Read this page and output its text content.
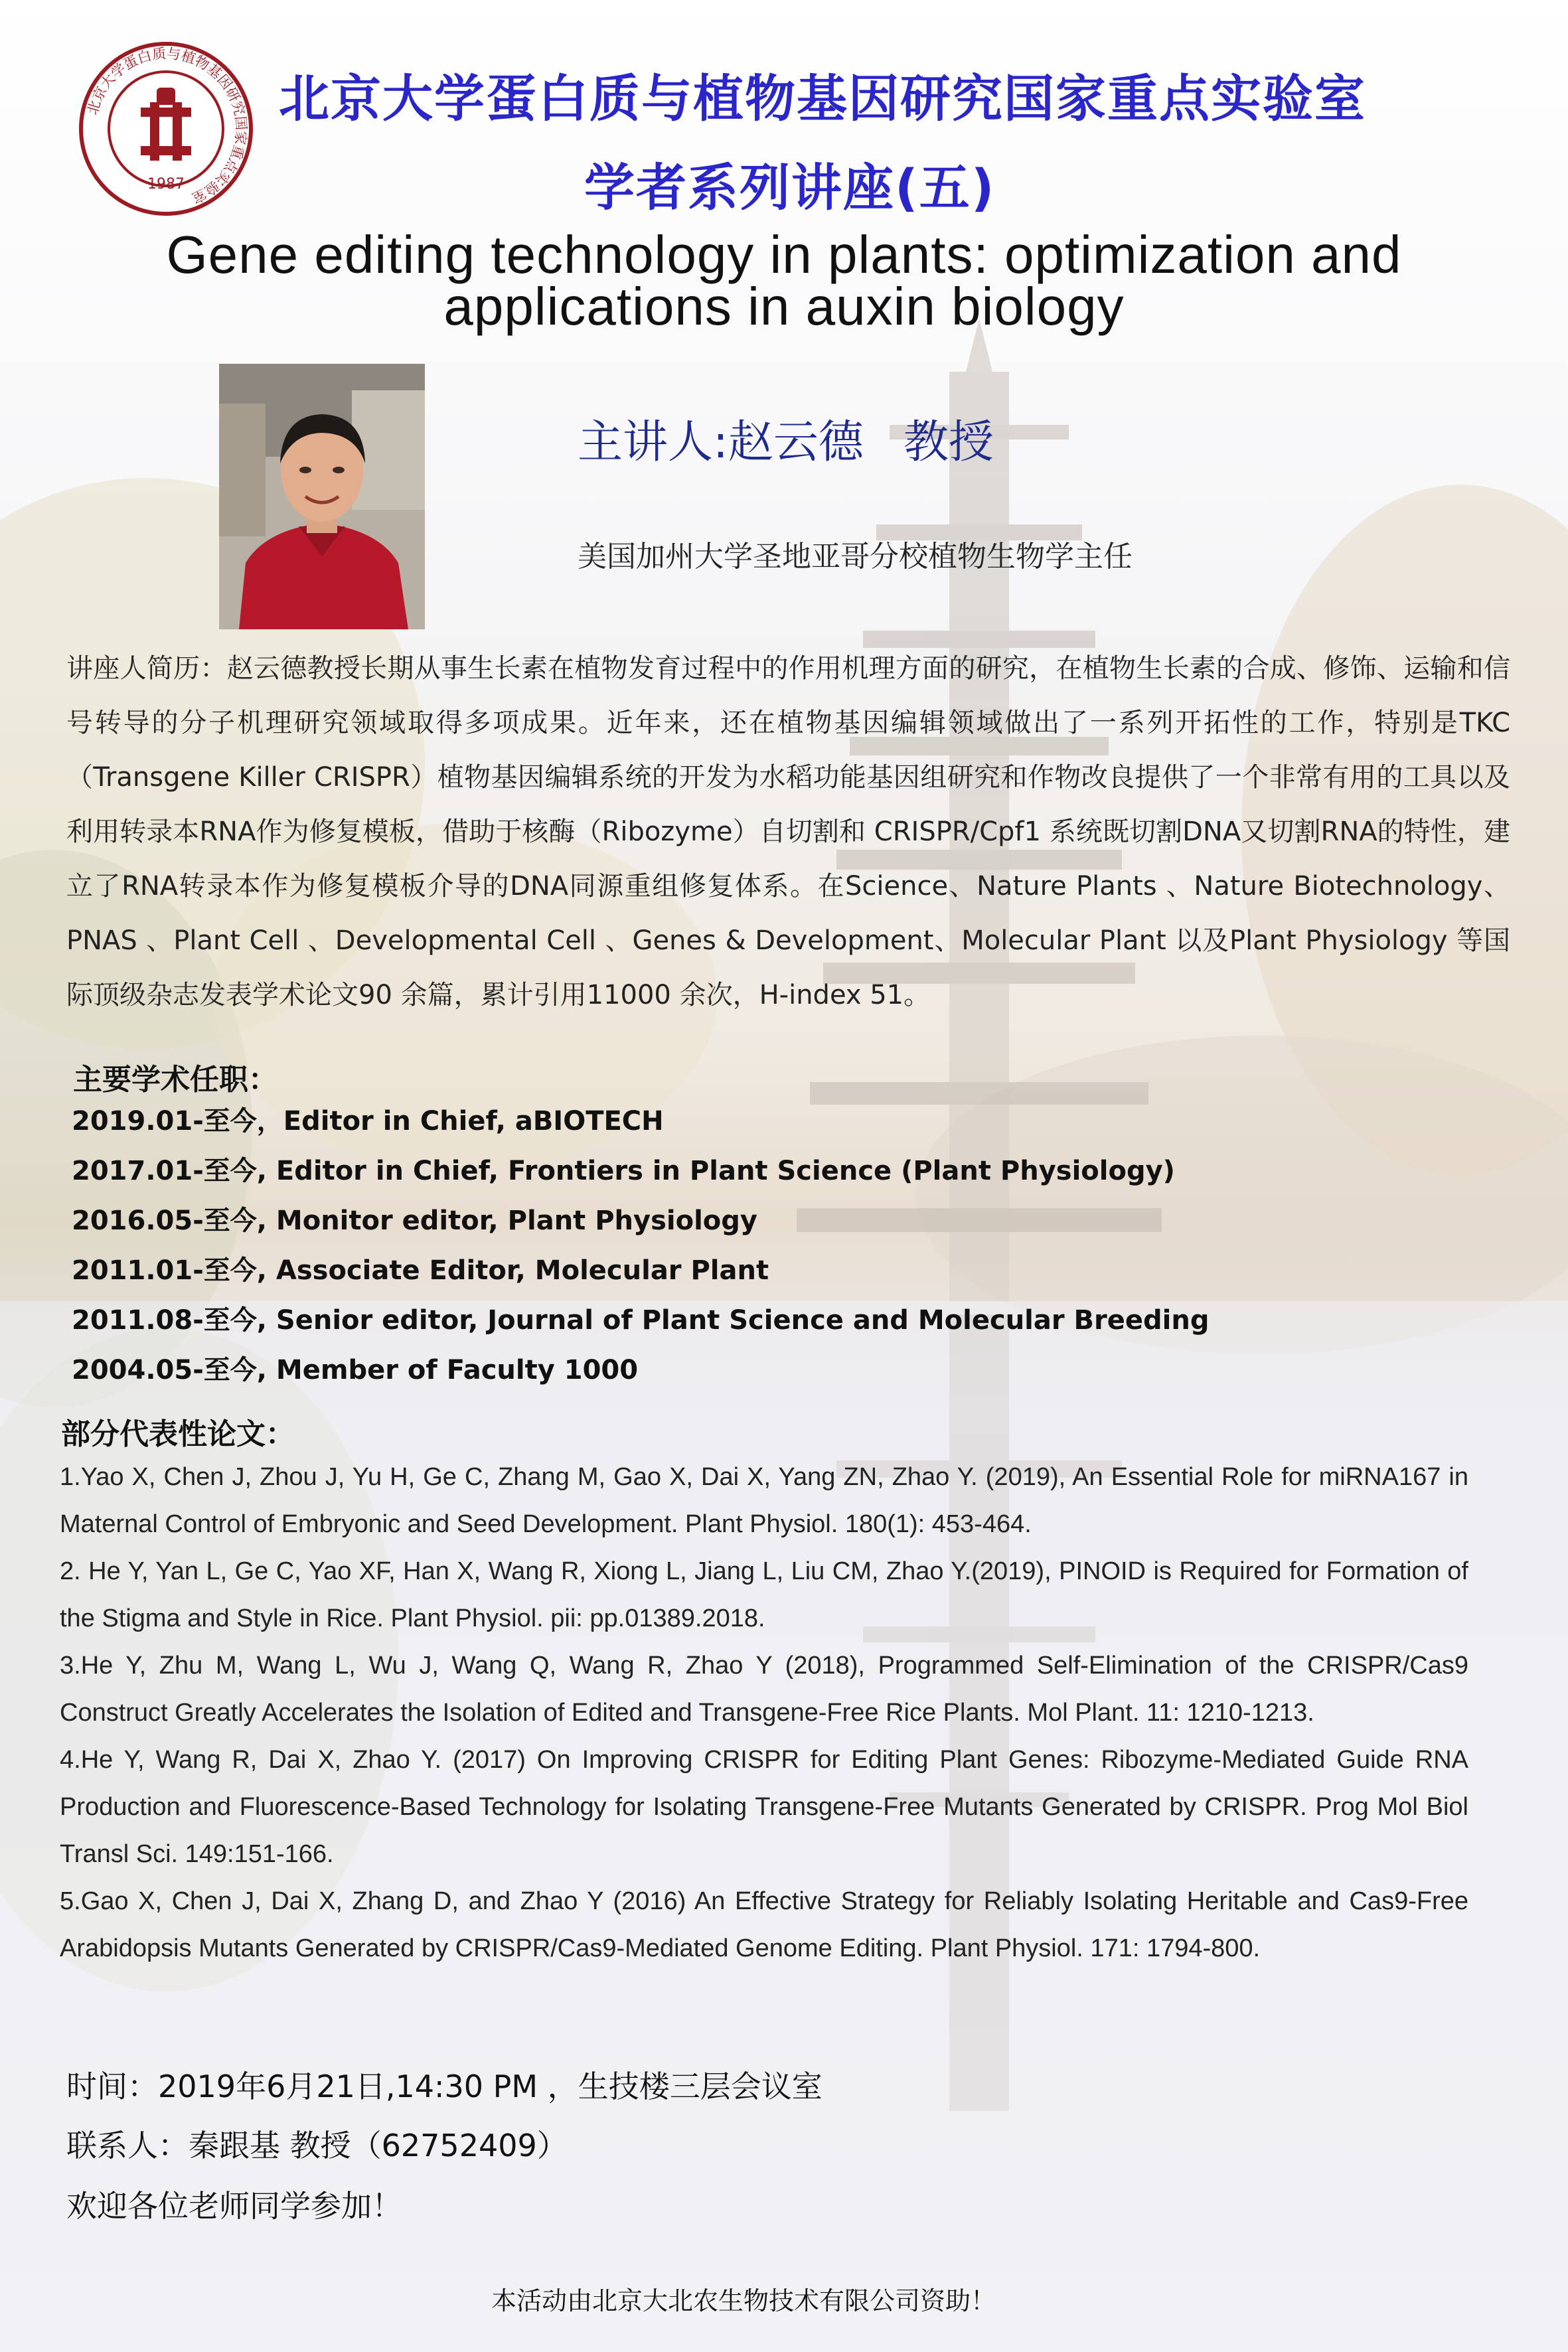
北京大学蛋白质与植物基因研究国家重点实验室
1987
北京大学蛋白质与植物基因研究国家重点实验室
学者系列讲座(五)
Gene editing technology in plants: optimization and
applications in auxin biology
主讲人:赵云德 教授
美国加州大学圣地亚哥分校植物生物学主任
讲座人简历：赵云德教授长期从事生长素在植物发育过程中的作用机理方面的研究，在植物生长素的合成、修饰、运输和信号转导的分子机理研究领域取得多项成果。近年来，还在植物基因编辑领域做出了一系列开拓性的工作，特别是TKC（Transgene Killer CRISPR）植物基因编辑系统的开发为水稻功能基因组研究和作物改良提供了一个非常有用的工具以及利用转录本RNA作为修复模板，借助于核酶（Ribozyme）自切割和 CRISPR/Cpf1 系统既切割DNA又切割RNA的特性，建立了RNA转录本作为修复模板介导的DNA同源重组修复体系。在Science、Nature Plants 、Nature Biotechnology、PNAS 、Plant Cell 、Developmental Cell 、Genes & Development、Molecular Plant 以及Plant Physiology 等国际顶级杂志发表学术论文90 余篇，累计引用11000 余次，H-index 51。
主要学术任职：
2019.01-至今，Editor in Chief, aBIOTECH
2017.01-至今, Editor in Chief, Frontiers in Plant Science (Plant Physiology)
2016.05-至今, Monitor editor, Plant Physiology
2011.01-至今, Associate Editor, Molecular Plant
2011.08-至今, Senior editor, Journal of Plant Science and Molecular Breeding
2004.05-至今, Member of Faculty 1000
部分代表性论文：
1.Yao X, Chen J, Zhou J, Yu H, Ge C, Zhang M, Gao X, Dai X, Yang ZN, Zhao Y. (2019), An Essential Role for miRNA167 in Maternal Control of Embryonic and Seed Development. Plant Physiol. 180(1): 453-464.
2. He Y, Yan L, Ge C, Yao XF, Han X, Wang R, Xiong L, Jiang L, Liu CM, Zhao Y.(2019), PINOID is Required for Formation of the Stigma and Style in Rice. Plant Physiol. pii: pp.01389.2018.
3.He Y, Zhu M, Wang L, Wu J, Wang Q, Wang R, Zhao Y (2018), Programmed Self-Elimination of the CRISPR/Cas9 Construct Greatly Accelerates the Isolation of Edited and Transgene-Free Rice Plants. Mol Plant. 11: 1210-1213.
4.He Y, Wang R, Dai X, Zhao Y. (2017) On Improving CRISPR for Editing Plant Genes: Ribozyme-Mediated Guide RNA Production and Fluorescence-Based Technology for Isolating Transgene-Free Mutants Generated by CRISPR. Prog Mol Biol Transl Sci. 149:151-166.
5.Gao X, Chen J, Dai X, Zhang D, and Zhao Y (2016) An Effective Strategy for Reliably Isolating Heritable and Cas9-Free Arabidopsis Mutants Generated by CRISPR/Cas9-Mediated Genome Editing. Plant Physiol. 171: 1794-800.
时间：2019年6月21日,14:30 PM ，生技楼三层会议室
联系人：秦跟基 教授（62752409）
欢迎各位老师同学参加！
本活动由北京大北农生物技术有限公司资助！
